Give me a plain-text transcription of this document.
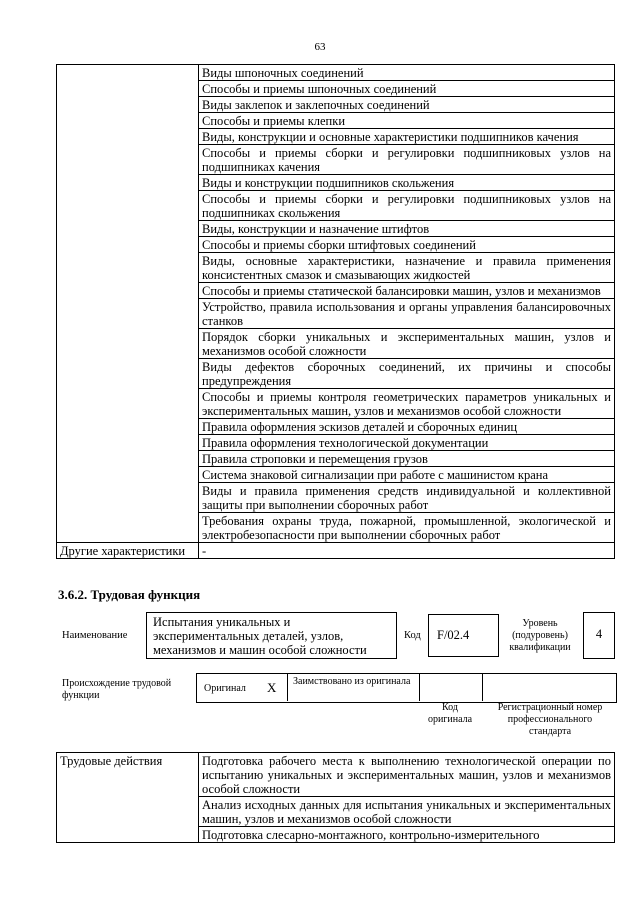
63
	Виды шпоночных соединений
	Способы и приемы шпоночных соединений
	Виды заклепок и заклепочных соединений
	Способы и приемы клепки
	Виды, конструкции и основные характеристики подшипников качения
	Способы и приемы сборки и регулировки подшипниковых узлов на подшипниках качения
	Виды и конструкции подшипников скольжения
	Способы и приемы сборки и регулировки подшипниковых узлов на подшипниках скольжения
	Виды, конструкции и назначение штифтов
	Способы и приемы сборки штифтовых соединений
	Виды, основные характеристики, назначение и правила применения консистентных смазок и смазывающих жидкостей
	Способы и приемы статической балансировки машин, узлов и механизмов
	Устройство, правила использования и органы управления балансировочных станков
	Порядок сборки уникальных и экспериментальных машин, узлов и механизмов особой сложности
	Виды дефектов сборочных соединений, их причины и способы предупреждения
	Способы и приемы контроля геометрических параметров уникальных и экспериментальных машин, узлов и механизмов особой сложности
	Правила оформления эскизов деталей и сборочных единиц
	Правила оформления технологической документации
	Правила строповки и перемещения грузов
	Система знаковой сигнализации при работе с машинистом крана
	Виды и правила применения средств индивидуальной и коллективной защиты при выполнении сборочных работ
	Требования охраны труда, пожарной, промышленной, экологической и электробезопасности при выполнении сборочных работ
Другие характеристики	-
3.6.2. Трудовая функция
Наименование
Испытания уникальных и экспериментальных деталей, узлов, механизмов и машин особой сложности
Код	F/02.4
Уровень (подуровень) квалификации
4
Происхождение трудовой функции
Оригинал X Заимствовано из оригинала
Код оригинала
Регистрационный номер профессионального стандарта
Трудовые действия	Подготовка рабочего места к выполнению технологической операции по испытанию уникальных и экспериментальных машин, узлов и механизмов особой сложности
Анализ исходных данных для испытания уникальных и экспериментальных машин, узлов и механизмов особой сложности
Подготовка слесарно-монтажного, контрольно-измерительного
